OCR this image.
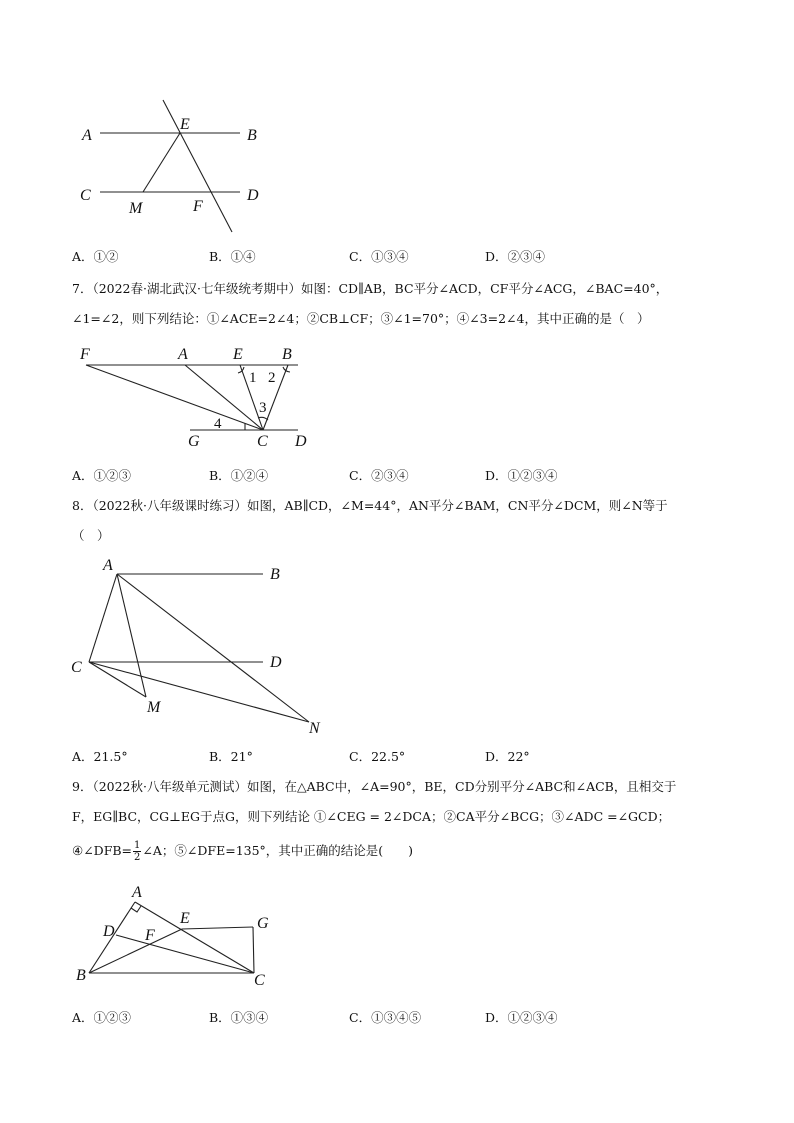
A
E
B
C	D
M	F
A．①②	B．①④	C．①③④	D．②③④
7．（2022春·湖北武汉·七年级统考期中）如图：CD∥AB，BC平分∠ACD，CF平分∠ACG，∠BAC=40°，
∠1=∠2，则下列结论：①∠ACE=2∠4；②CB⊥CF；③∠1=70°；④∠3=2∠4，其中正确的是（　）
F	A	E B
1 2
3
4
G	C D
A．①②③	B．①②④	C．②③④	D．①②③④
8．（2022秋·八年级课时练习）如图，AB∥CD，∠M=44°，AN平分∠BAM，CN平分∠DCM，则∠N等于
（　）
A
B
C	D
M
N
A．21.5°	B．21°	C．22.5°	D．22°
9．（2022秋·八年级单元测试）如图，在△ABC中，∠A=90°，BE，CD分别平分∠ABC和∠ACB，且相交于
F，EG∥BC，CG⊥EG于点G，则下列结论 ①∠CEG = 2∠DCA；②CA平分∠BCG；③∠ADC =∠GCD；
④∠DFB= $\frac{1}{2}$ ∠A；⑤∠DFE=135°，其中正确的结论是(　　)
A
E	G
D F
B	C
A．①②③	B．①③④	C．①③④⑤	D．①②③④
